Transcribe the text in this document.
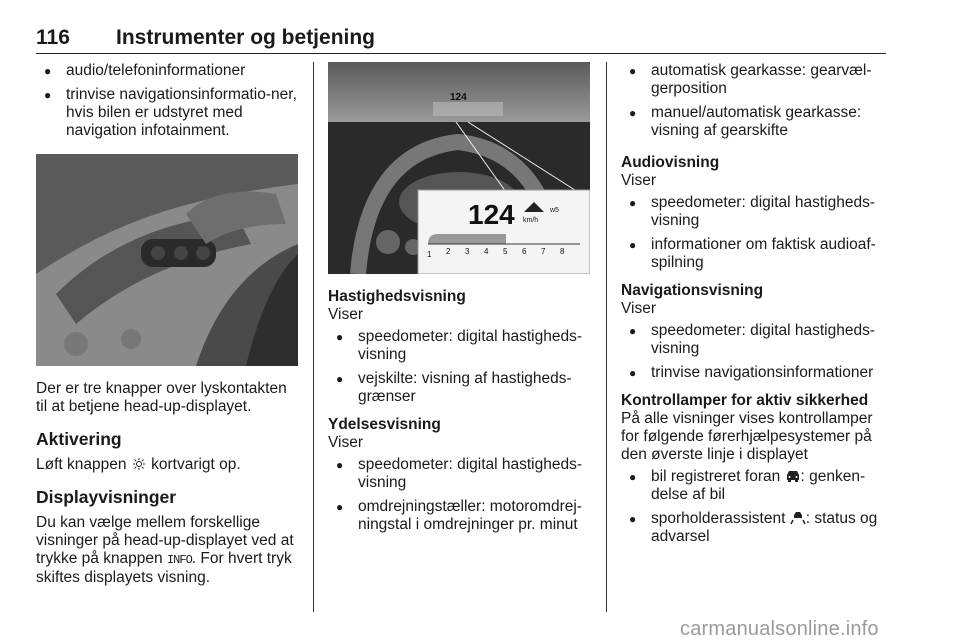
116 Instrumenter og betjening
● audio/telefoninformationer
● trinvise navigationsinformatio-ner, hvis bilen er udstyret med navigation infotainment.

Der er tre knapper over lyskontakten til at betjene head-up-displayet.

Aktivering

Løft knappen kortvarigt op.

Displayvisninger

Du kan vælge mellem forskellige visninger på head-up-displayet ved at trykke på knappen INFO. For hvert tryk skiftes displayets visning.

124
124 km/h
w5
1 2 3 4 5 6 7 8
Hastighedsvisning

Viser

● speedometer: digital hastigheds-visning
● vejskilte: visning af hastigheds-grænser
Ydelsesvisning

Viser

● speedometer: digital hastigheds-visning
● omdrejningstæller: motoromdrej-ningstal i omdrejninger pr. minut
● automatisk gearkasse: gearvæl-gerposition
● manuel/automatisk gearkasse: visning af gearskifte
Audiovisning

Viser

● speedometer: digital hastigheds-visning
● informationer om faktisk audioaf-spilning
Navigationsvisning

Viser

● speedometer: digital hastigheds-visning
● trinvise navigationsinformationer
Kontrollamper for aktiv sikkerhed

På alle visninger vises kontrollamper for følgende førerhjælpesystemer på den øverste linje i displayet

● bil registreret foran : genken-delse af bil
● sporholderassistent : status og advarsel
carmanualsonline.info
